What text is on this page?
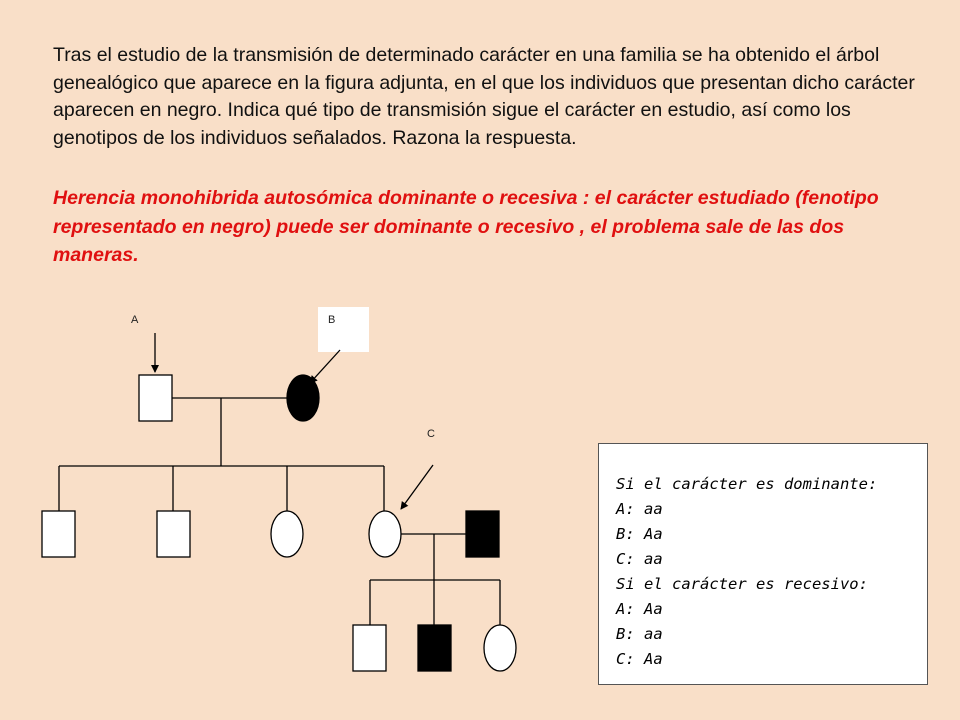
Tras el estudio de la transmisión de determinado carácter en una familia se ha obtenido el árbol genealógico que aparece en la figura adjunta, en el que los individuos que presentan dicho carácter aparecen en negro. Indica qué tipo de transmisión sigue el carácter en estudio, así como los genotipos de los individuos señalados. Razona la respuesta.

Herencia monohibrida autosómica dominante o recesiva : el carácter estudiado (fenotipo representado en negro) puede ser dominante o recesivo , el problema sale de las dos maneras.

A	B
C
Si el carácter es dominante:
A: aa
B: Aa
C: aa
Si el carácter es recesivo:
A: Aa
B: aa
C: Aa
